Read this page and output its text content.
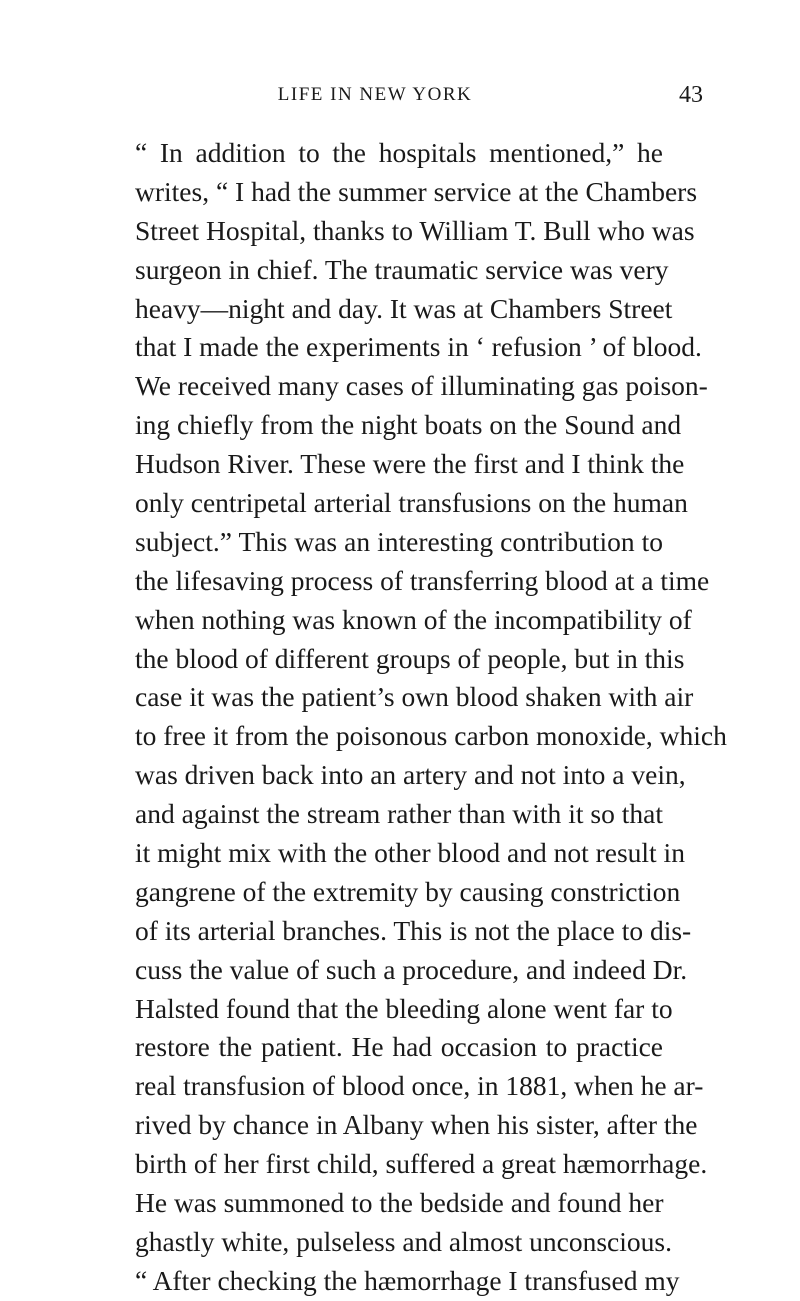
LIFE IN NEW YORK	43
“ In addition to the hospitals mentioned,” he
writes, “ I had the summer service at the Chambers
Street Hospital, thanks to William T. Bull who was
surgeon in chief. The traumatic service was very
heavy—night and day. It was at Chambers Street
that I made the experiments in ‘ refusion ’ of blood.
We received many cases of illuminating gas poison-
ing chiefly from the night boats on the Sound and
Hudson River. These were the first and I think the
only centripetal arterial transfusions on the human
subject.” This was an interesting contribution to
the lifesaving process of transferring blood at a time
when nothing was known of the incompatibility of
the blood of different groups of people, but in this
case it was the patient’s own blood shaken with air
to free it from the poisonous carbon monoxide, which
was driven back into an artery and not into a vein,
and against the stream rather than with it so that
it might mix with the other blood and not result in
gangrene of the extremity by causing constriction
of its arterial branches. This is not the place to dis-
cuss the value of such a procedure, and indeed Dr.
Halsted found that the bleeding alone went far to
restore the patient. He had occasion to practice
real transfusion of blood once, in 1881, when he ar-
rived by chance in Albany when his sister, after the
birth of her first child, suffered a great hæmorrhage.
He was summoned to the bedside and found her
ghastly white, pulseless and almost unconscious.
“ After checking the hæmorrhage I transfused my
